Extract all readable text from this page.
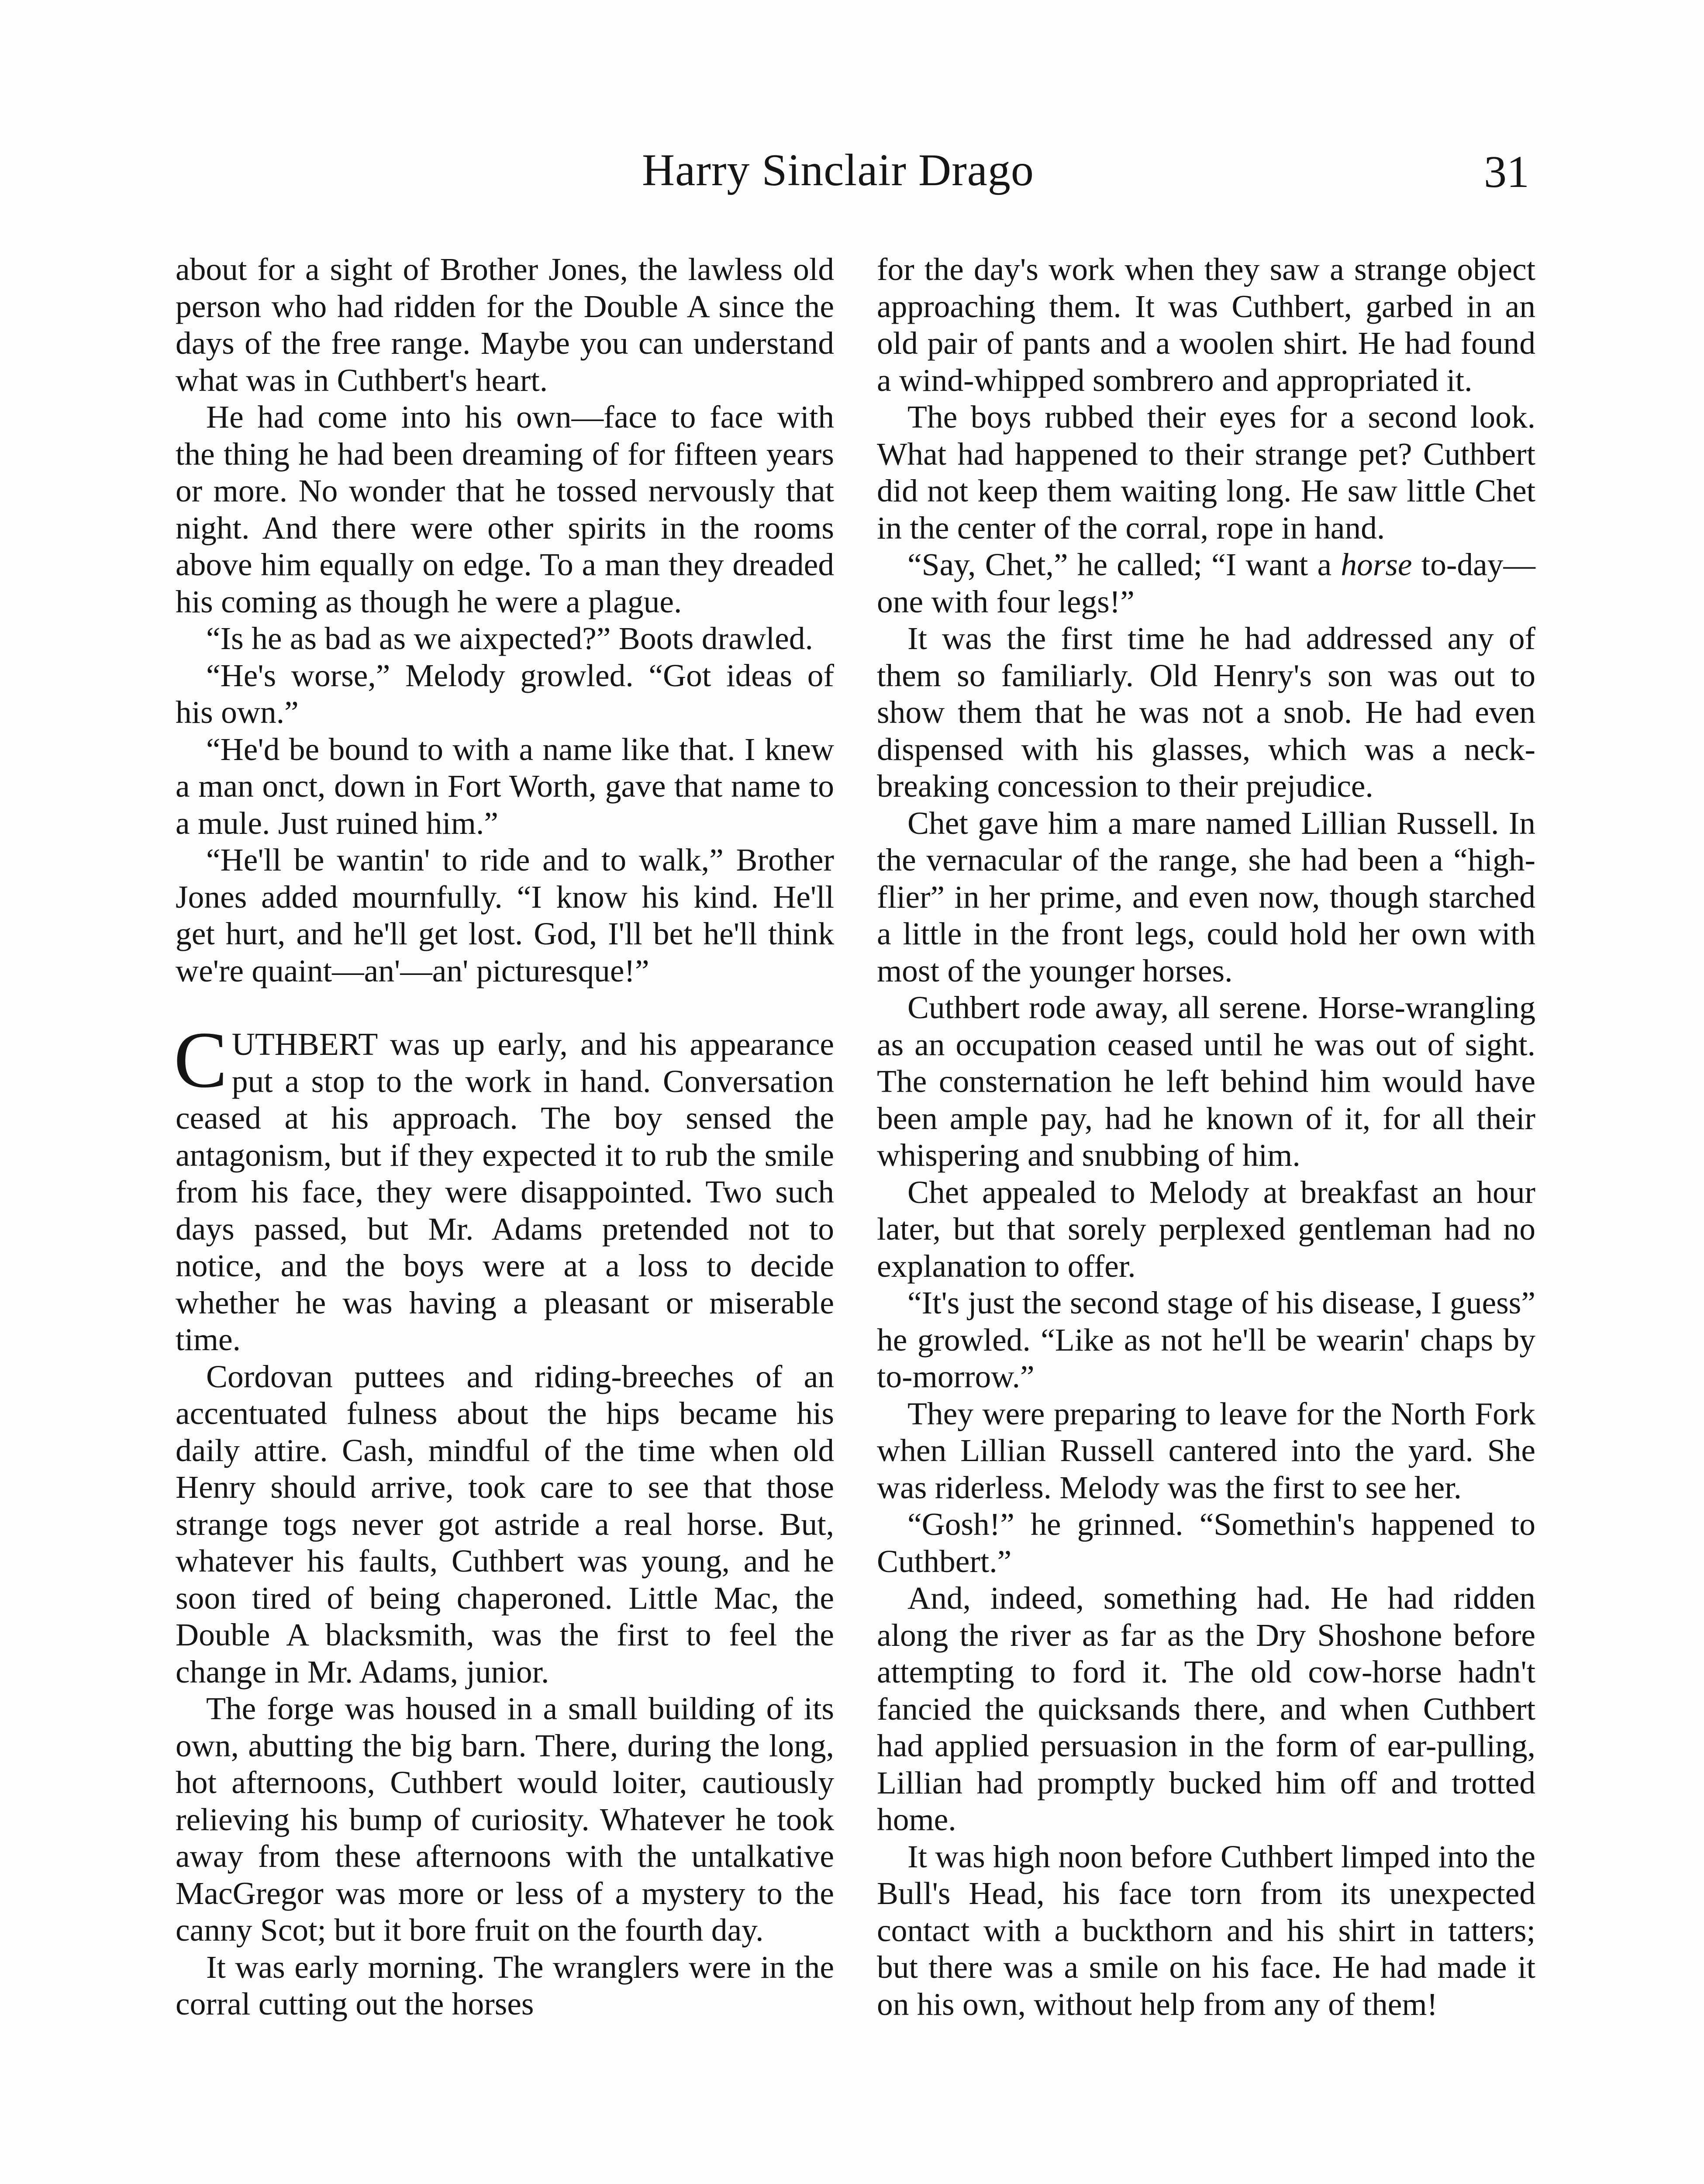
Harry Sinclair Drago	31

about for a sight of Brother Jones, the lawless old person who had ridden for the Double A since the days of the free range. Maybe you can understand what was in Cuthbert's heart.

He had come into his own—face to face with the thing he had been dreaming of for fifteen years or more. No wonder that he tossed nervously that night. And there were other spirits in the rooms above him equally on edge. To a man they dreaded his coming as though he were a plague.

“Is he as bad as we aixpected?” Boots drawled.

“He's worse,” Melody growled. “Got ideas of his own.”

“He'd be bound to with a name like that. I knew a man onct, down in Fort Worth, gave that name to a mule. Just ruined him.”

“He'll be wantin' to ride and to walk,” Brother Jones added mournfully. “I know his kind. He'll get hurt, and he'll get lost. God, I'll bet he'll think we're quaint—an'—an' picturesque!”

CUTHBERT was up early, and his appearance put a stop to the work in hand. Conversation ceased at his approach. The boy sensed the antagonism, but if they expected it to rub the smile from his face, they were disappointed. Two such days passed, but Mr. Adams pretended not to notice, and the boys were at a loss to decide whether he was having a pleasant or miserable time.

Cordovan puttees and riding-breeches of an accentuated fulness about the hips became his daily attire. Cash, mindful of the time when old Henry should arrive, took care to see that those strange togs never got astride a real horse. But, whatever his faults, Cuthbert was young, and he soon tired of being chaperoned. Little Mac, the Double A blacksmith, was the first to feel the change in Mr. Adams, junior.

The forge was housed in a small building of its own, abutting the big barn. There, during the long, hot afternoons, Cuthbert would loiter, cautiously relieving his bump of curiosity. Whatever he took away from these afternoons with the untalkative MacGregor was more or less of a mystery to the canny Scot; but it bore fruit on the fourth day.

It was early morning. The wranglers were in the corral cutting out the horses

for the day's work when they saw a strange object approaching them. It was Cuthbert, garbed in an old pair of pants and a woolen shirt. He had found a wind-whipped sombrero and appropriated it.

The boys rubbed their eyes for a second look. What had happened to their strange pet? Cuthbert did not keep them waiting long. He saw little Chet in the center of the corral, rope in hand.

“Say, Chet,” he called; “I want a horse to-day—one with four legs!”

It was the first time he had addressed any of them so familiarly. Old Henry's son was out to show them that he was not a snob. He had even dispensed with his glasses, which was a neck-breaking concession to their prejudice.

Chet gave him a mare named Lillian Russell. In the vernacular of the range, she had been a “high-flier” in her prime, and even now, though starched a little in the front legs, could hold her own with most of the younger horses.

Cuthbert rode away, all serene. Horse-wrangling as an occupation ceased until he was out of sight. The consternation he left behind him would have been ample pay, had he known of it, for all their whispering and snubbing of him.

Chet appealed to Melody at breakfast an hour later, but that sorely perplexed gentleman had no explanation to offer.

“It's just the second stage of his disease, I guess” he growled. “Like as not he'll be wearin' chaps by to-morrow.”

They were preparing to leave for the North Fork when Lillian Russell cantered into the yard. She was riderless. Melody was the first to see her.

“Gosh!” he grinned. “Somethin's happened to Cuthbert.”

And, indeed, something had. He had ridden along the river as far as the Dry Shoshone before attempting to ford it. The old cow-horse hadn't fancied the quicksands there, and when Cuthbert had applied persuasion in the form of ear-pulling, Lillian had promptly bucked him off and trotted home.

It was high noon before Cuthbert limped into the Bull's Head, his face torn from its unexpected contact with a buckthorn and his shirt in tatters; but there was a smile on his face. He had made it on his own, without help from any of them!
